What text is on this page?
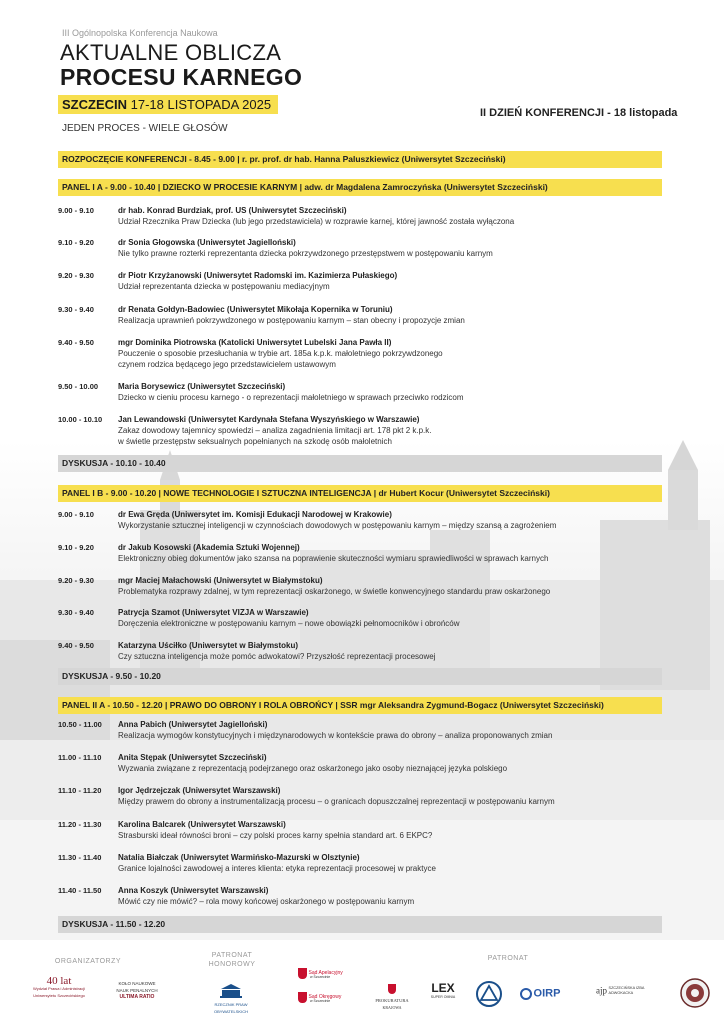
III Ogólnopolska Konferencja Naukowa
AKTUALNE OBLICZA
PROCESU KARNEGO
SZCZECIN 17-18 LISTOPADA 2025
JEDEN PROCES - WIELE GŁOSÓW
II DZIEŃ KONFERENCJI - 18 listopada
ROZPOCZĘCIE KONFERENCJI - 8.45 - 9.00 | r. pr. prof. dr hab. Hanna Paluszkiewicz (Uniwersytet Szczeciński)
PANEL I A - 9.00 - 10.40 | DZIECKO W PROCESIE KARNYM | adw. dr Magdalena Zamroczyńska (Uniwersytet Szczeciński)
9.00 - 9.10	dr hab. Konrad Burdziak, prof. US (Uniwersytet Szczeciński)
Udział Rzecznika Praw Dziecka (lub jego przedstawiciela) w rozprawie karnej, której jawność została wyłączona
9.10 - 9.20	dr Sonia Głogowska (Uniwersytet Jagielloński)
Nie tylko prawne rozterki reprezentanta dziecka pokrzywdzonego przestępstwem w postępowaniu karnym
9.20 - 9.30	dr Piotr Krzyżanowski (Uniwersytet Radomski im. Kazimierza Pułaskiego)
Udział reprezentanta dziecka w postępowaniu mediacyjnym
9.30 - 9.40	dr Renata Gołdyn-Badowiec (Uniwersytet Mikołaja Kopernika w Toruniu)
Realizacja uprawnień pokrzywdzonego w postępowaniu karnym – stan obecny i propozycje zmian
9.40 - 9.50	mgr Dominika Piotrowska (Katolicki Uniwersytet Lubelski Jana Pawła II)
Pouczenie o sposobie przesłuchania w trybie art. 185a k.p.k. małoletniego pokrzywdzonego
czynem rodzica będącego jego przedstawicielem ustawowym
9.50 - 10.00	Maria Borysewicz (Uniwersytet Szczeciński)
Dziecko w cieniu procesu karnego - o reprezentacji małoletniego w sprawach przeciwko rodzicom
10.00 - 10.10	Jan Lewandowski (Uniwersytet Kardynała Stefana Wyszyńskiego w Warszawie)
Zakaz dowodowy tajemnicy spowiedzi – analiza zagadnienia limitacji art. 178 pkt 2 k.p.k.
w świetle przestępstw seksualnych popełnianych na szkodę osób małoletnich
DYSKUSJA - 10.10 - 10.40
PANEL I B - 9.00 - 10.20 | NOWE TECHNOLOGIE I SZTUCZNA INTELIGENCJA | dr Hubert Kocur (Uniwersytet Szczeciński)
9.00 - 9.10	dr Ewa Gręda (Uniwersytet im. Komisji Edukacji Narodowej w Krakowie)
Wykorzystanie sztucznej inteligencji w czynnościach dowodowych w postępowaniu karnym – między szansą a zagrożeniem
9.10 - 9.20	dr Jakub Kosowski (Akademia Sztuki Wojennej)
Elektroniczny obieg dokumentów jako szansa na poprawienie skuteczności wymiaru sprawiedliwości w sprawach karnych
9.20 - 9.30	mgr Maciej Małachowski (Uniwersytet w Białymstoku)
Problematyka rozprawy zdalnej, w tym reprezentacji oskarżonego, w świetle konwencyjnego standardu praw oskarżonego
9.30 - 9.40	Patrycja Szamot (Uniwersytet VIZJA w Warszawie)
Doręczenia elektroniczne w postępowaniu karnym – nowe obowiązki pełnomocników i obrońców
9.40 - 9.50	Katarzyna Uściłko (Uniwersytet w Białymstoku)
Czy sztuczna inteligencja może pomóc adwokatowi? Przyszłość reprezentacji procesowej
DYSKUSJA - 9.50 - 10.20
PANEL II A - 10.50 - 12.20 | PRAWO DO OBRONY I ROLA OBROŃCY | SSR mgr Aleksandra Zygmund-Bogacz (Uniwersytet Szczeciński)
10.50 - 11.00	Anna Pabich (Uniwersytet Jagielloński)
Realizacja wymogów konstytucyjnych i międzynarodowych w kontekście prawa do obrony – analiza proponowanych zmian
11.00 - 11.10	Anita Stępak (Uniwersytet Szczeciński)
Wyzwania związane z reprezentacją podejrzanego oraz oskarżonego jako osoby nieznającej języka polskiego
11.10 - 11.20	Igor Jędrzejczak (Uniwersytet Warszawski)
Między prawem do obrony a instrumentalizacją procesu – o granicach dopuszczalnej reprezentacji w postępowaniu karnym
11.20 - 11.30	Karolina Balcarek (Uniwersytet Warszawski)
Strasburski ideał równości broni – czy polski proces karny spełnia standard art. 6 EKPC?
11.30 - 11.40	Natalia Białczak (Uniwersytet Warmińsko-Mazurski w Olsztynie)
Granice lojalności zawodowej a interes klienta: etyka reprezentacji procesowej w praktyce
11.40 - 11.50	Anna Koszyk (Uniwersytet Warszawski)
Mówić czy nie mówić? – rola mowy końcowej oskarżonego w postępowaniu karnym
DYSKUSJA - 11.50 - 12.20
ORGANIZATORZY
PATRONAT
HONOROWY
PATRONAT
40 lat
Wydział Prawa i Administracji Uniwersytetu Szczecińskiego
KOŁO NAUKOWE
NAUK PENALNYCH
ULTIMA RATIO
RZECZNIK PRAW
OBYWATELSKICH
Sąd Apelacyjny
w Szczecinie
Sąd Okręgowy
w Szczecinie	PROKURATURA
KRAJOWA
LEX
SUPER OMNIA	OIRP	ajp SZCZECIŃSKA IZBA
ADWOKACKA
